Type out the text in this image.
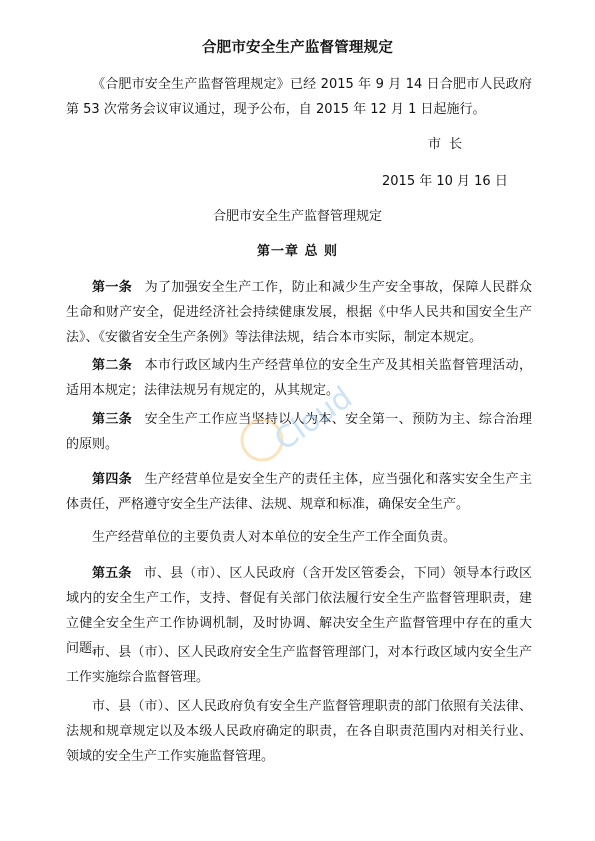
合肥市安全生产监督管理规定

《合肥市安全生产监督管理规定》已经 2015 年 9 月 14 日合肥市人民政府第 53 次常务会议审议通过，现予公布，自 2015 年 12 月 1 日起施行。

市 长
2015 年 10 月 16 日
合肥市安全生产监督管理规定
第一章 总 则

第一条 为了加强安全生产工作，防止和减少生产安全事故，保障人民群众生命和财产安全，促进经济社会持续健康发展，根据《中华人民共和国安全生产法》、《安徽省安全生产条例》等法律法规，结合本市实际，制定本规定。

第二条 本市行政区域内生产经营单位的安全生产及其相关监督管理活动，适用本规定；法律法规另有规定的，从其规定。

第三条 安全生产工作应当坚持以人为本、安全第一、预防为主、综合治理的原则。

第四条 生产经营单位是安全生产的责任主体，应当强化和落实安全生产主体责任，严格遵守安全生产法律、法规、规章和标准，确保安全生产。

生产经营单位的主要负责人对本单位的安全生产工作全面负责。

第五条 市、县（市）、区人民政府（含开发区管委会，下同）领导本行政区域内的安全生产工作，支持、督促有关部门依法履行安全生产监督管理职责，建立健全安全生产工作协调机制，及时协调、解决安全生产监督管理中存在的重大问题。

市、县（市）、区人民政府安全生产监督管理部门，对本行政区域内安全生产工作实施综合监督管理。

市、县（市）、区人民政府负有安全生产监督管理职责的部门依照有关法律、法规和规章规定以及本级人民政府确定的职责，在各自职责范围内对相关行业、领域的安全生产工作实施监督管理。

Cloud
